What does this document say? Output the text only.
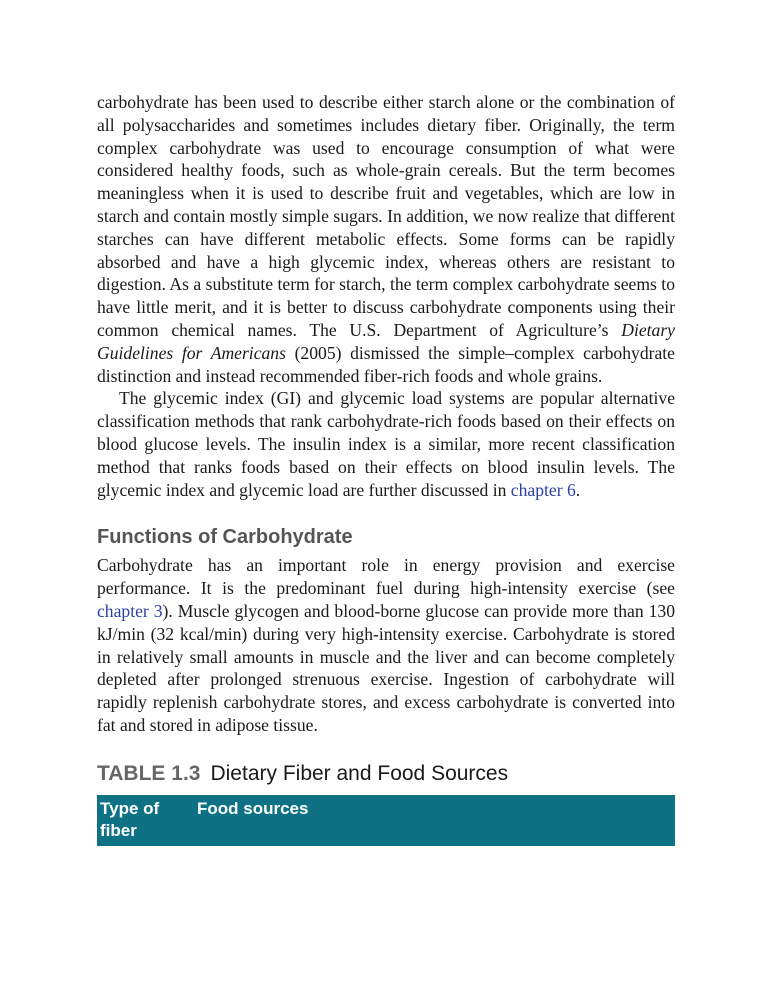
carbohydrate has been used to describe either starch alone or the combination of all polysaccharides and sometimes includes dietary fiber. Originally, the term complex carbohydrate was used to encourage consumption of what were considered healthy foods, such as whole-grain cereals. But the term becomes meaningless when it is used to describe fruit and vegetables, which are low in starch and contain mostly simple sugars. In addition, we now realize that different starches can have different metabolic effects. Some forms can be rapidly absorbed and have a high glycemic index, whereas others are resistant to digestion. As a substitute term for starch, the term complex carbohydrate seems to have little merit, and it is better to discuss carbohydrate components using their common chemical names. The U.S. Department of Agriculture’s Dietary Guidelines for Americans (2005) dismissed the simple–complex carbohydrate distinction and instead recommended fiber-rich foods and whole grains.

The glycemic index (GI) and glycemic load systems are popular alternative classification methods that rank carbohydrate-rich foods based on their effects on blood glucose levels. The insulin index is a similar, more recent classification method that ranks foods based on their effects on blood insulin levels. The glycemic index and glycemic load are further discussed in chapter 6.

Functions of Carbohydrate

Carbohydrate has an important role in energy provision and exercise performance. It is the predominant fuel during high-intensity exercise (see chapter 3). Muscle glycogen and blood-borne glucose can provide more than 130 kJ/min (32 kcal/min) during very high-intensity exercise. Carbohydrate is stored in relatively small amounts in muscle and the liver and can become completely depleted after prolonged strenuous exercise. Ingestion of carbohydrate will rapidly replenish carbohydrate stores, and excess carbohydrate is converted into fat and stored in adipose tissue.

TABLE 1.3 Dietary Fiber and Food Sources
Type of fiber
Food sources
